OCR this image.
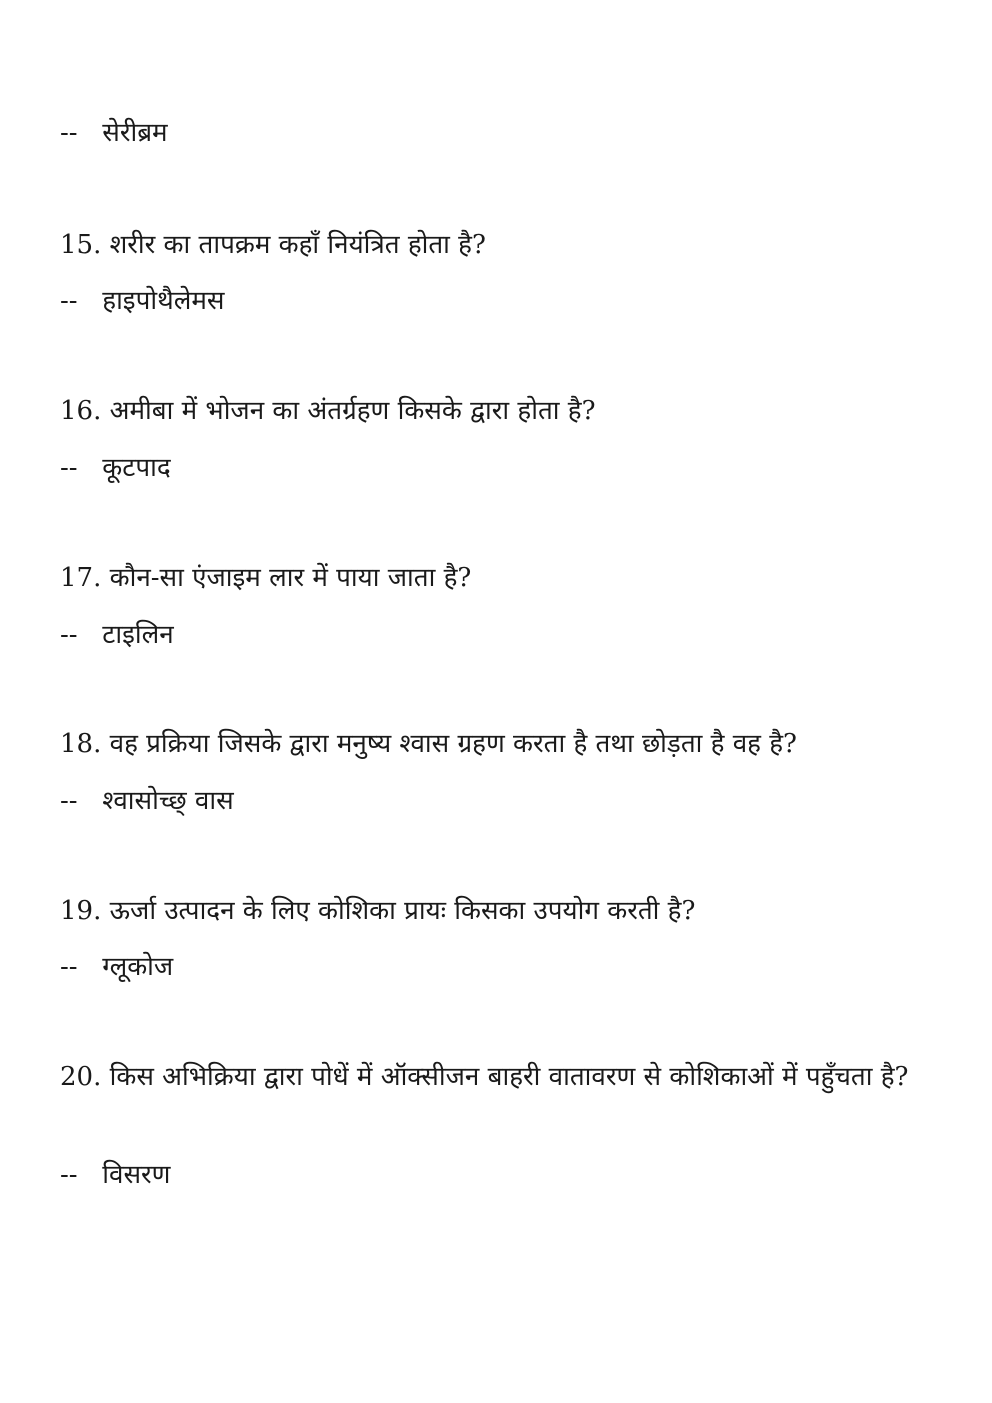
-- सेरीब्रम
15. शरीर का तापक्रम कहाँ नियंत्रित होता है?
-- हाइपोथैलेमस
16. अमीबा में भोजन का अंतर्ग्रहण किसके द्वारा होता है?
-- कूटपाद
17. कौन-सा एंजाइम लार में पाया जाता है?
-- टाइलिन
18. वह प्रक्रिया जिसके द्वारा मनुष्य श्वास ग्रहण करता है तथा छोड़ता है वह है?
-- श्वासोच्छ् वास
19. ऊर्जा उत्पादन के लिए कोशिका प्रायः किसका उपयोग करती है?
-- ग्लूकोज
20. किस अभिक्रिया द्वारा पोधें में ऑक्सीजन बाहरी वातावरण से कोशिकाओं में पहुँचता है?
-- विसरण
